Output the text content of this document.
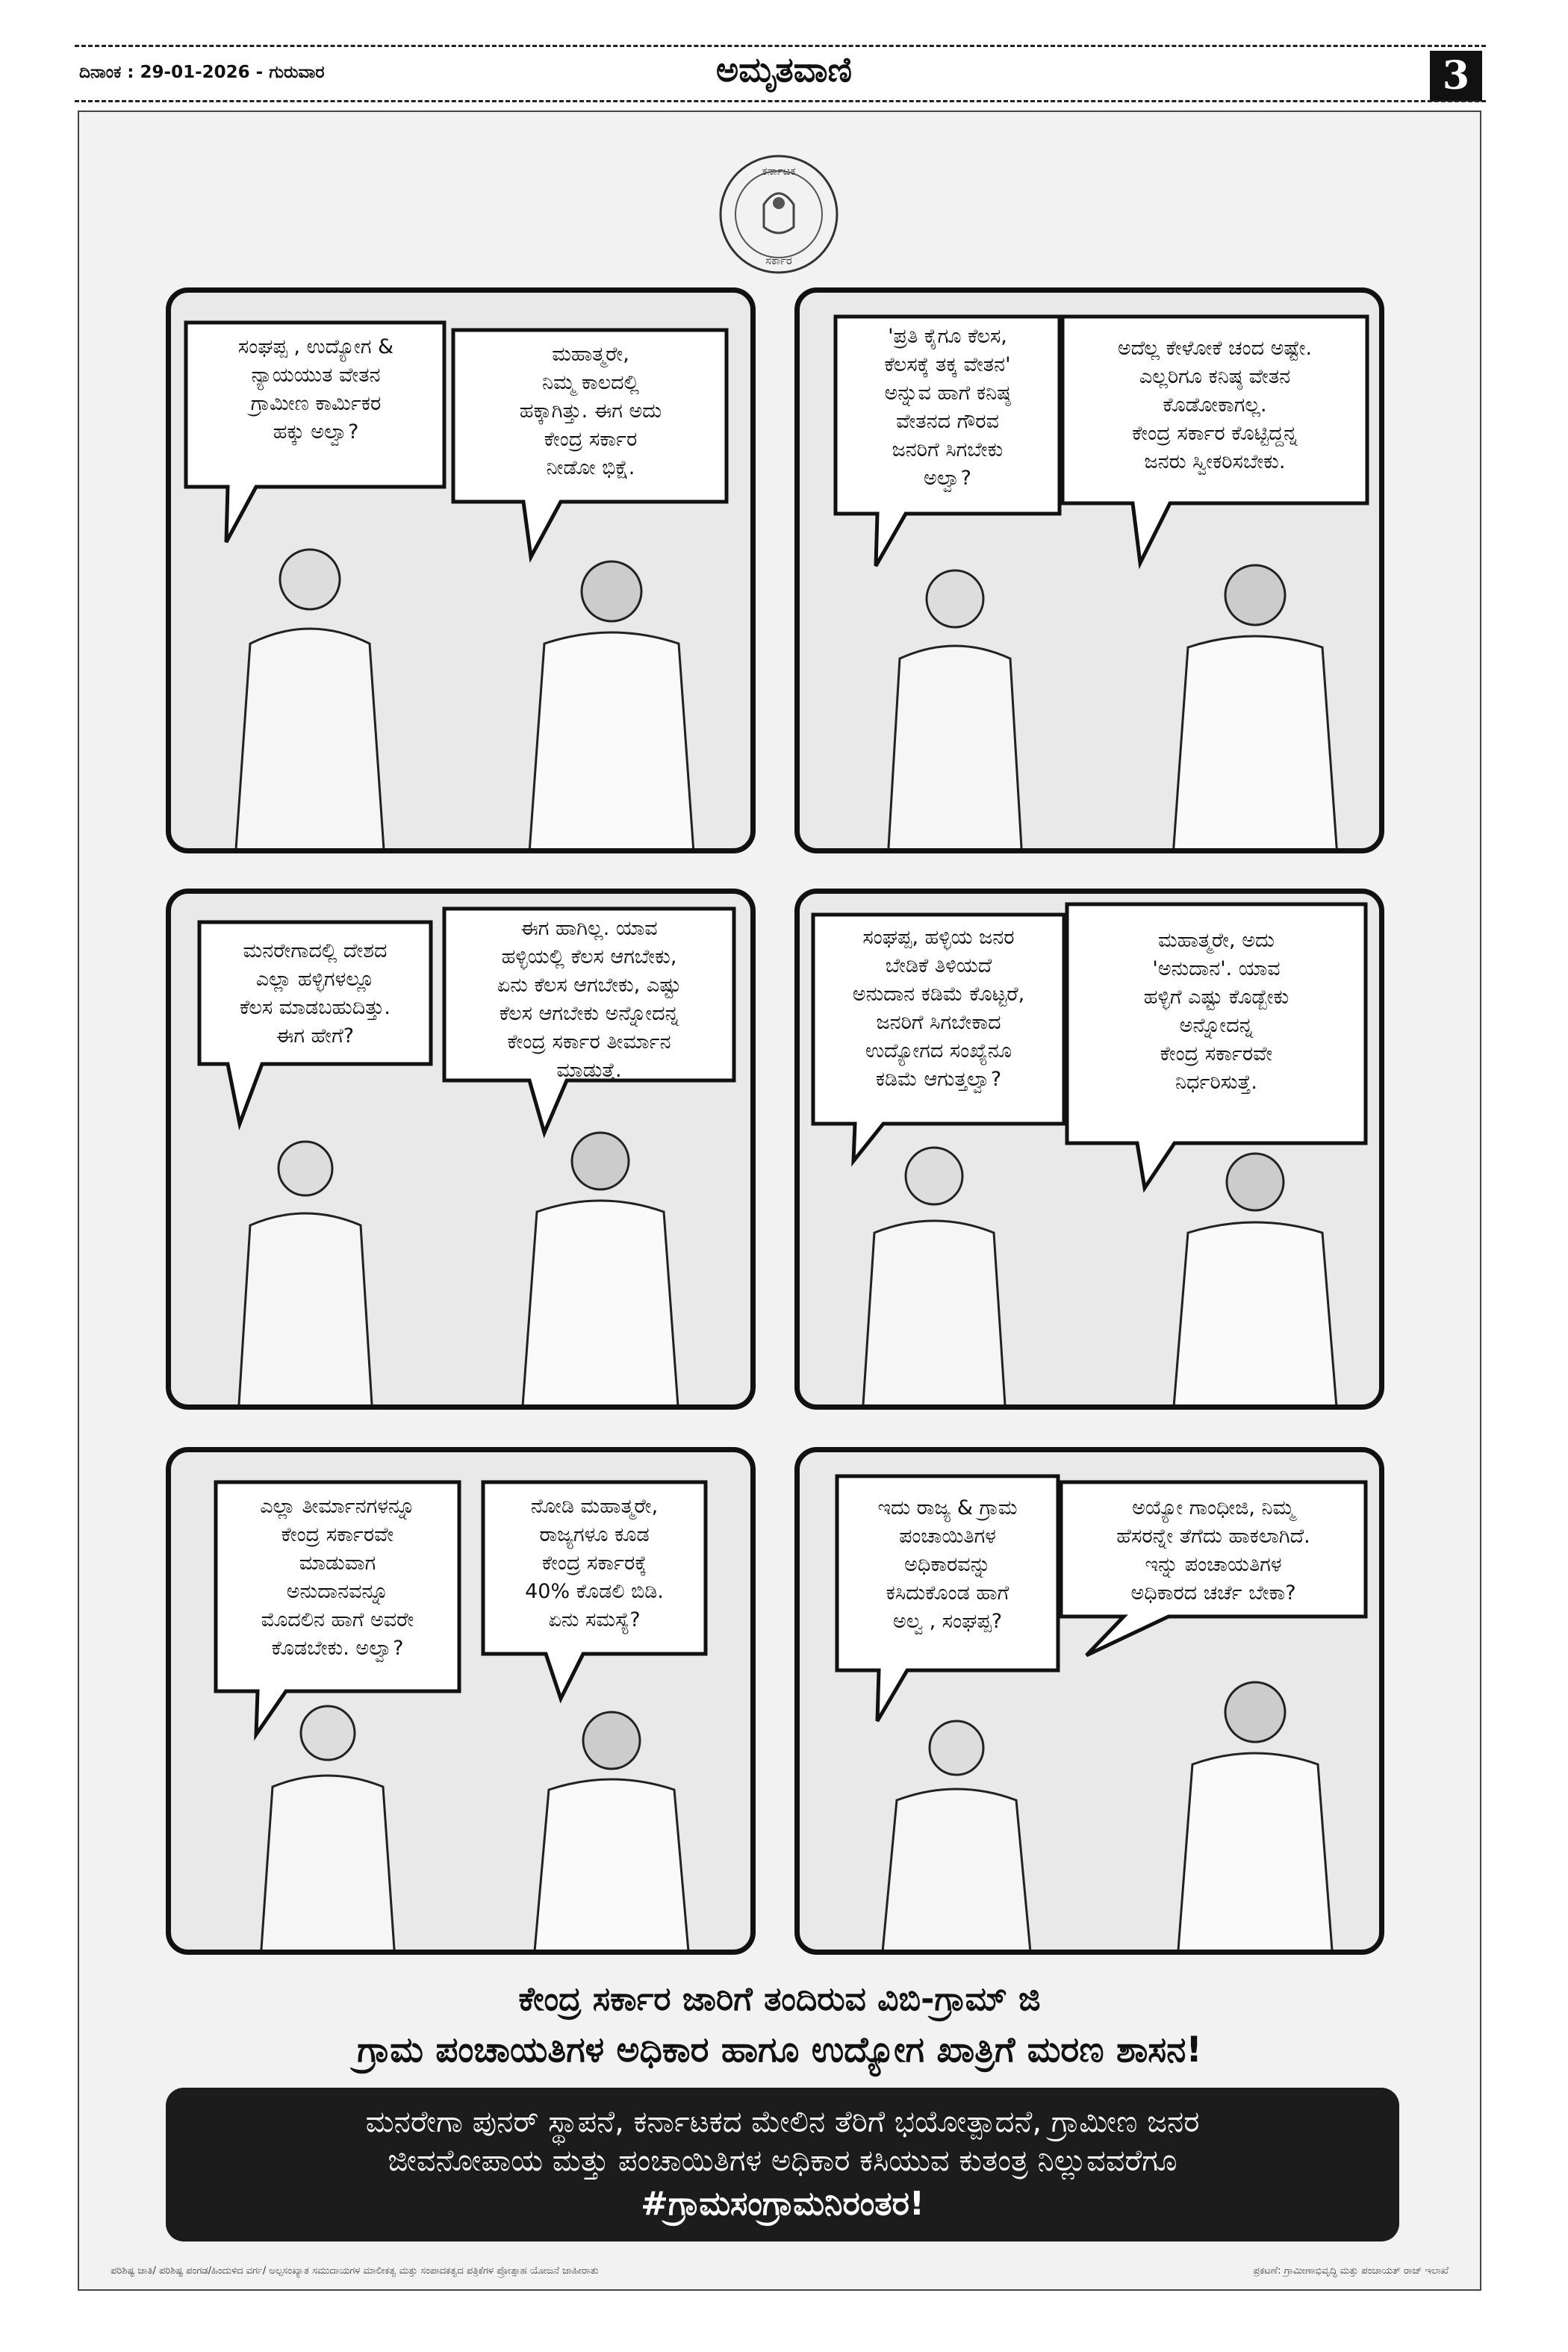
ದಿನಾಂಕ : 29-01-2026 - ಗುರುವಾರ	ಅಮೃತವಾಣಿ	3
ಕರ್ನಾಟಕ
ಸರ್ಕಾರ
ಸಂಘಪ್ಪ , ಉದ್ಯೋಗ &
ನ್ಯಾಯಯುತ ವೇತನ
ಗ್ರಾಮೀಣ ಕಾರ್ಮಿಕರ
ಹಕ್ಕು ಅಲ್ವಾ?
ಮಹಾತ್ಮರೇ,
ನಿಮ್ಮ ಕಾಲದಲ್ಲಿ
ಹಕ್ಕಾಗಿತ್ತು. ಈಗ ಅದು
ಕೇಂದ್ರ ಸರ್ಕಾರ
ನೀಡೋ ಭಿಕ್ಷೆ.
'ಪ್ರತಿ ಕೈಗೂ ಕೆಲಸ,
ಕೆಲಸಕ್ಕೆ ತಕ್ಕ ವೇತನ'
ಅನ್ನುವ ಹಾಗೆ ಕನಿಷ್ಠ
ವೇತನದ ಗೌರವ
ಜನರಿಗೆ ಸಿಗಬೇಕು
ಅಲ್ವಾ?
ಅದೆಲ್ಲ ಕೇಳೋಕೆ ಚಂದ ಅಷ್ಟೇ.
ಎಲ್ಲರಿಗೂ ಕನಿಷ್ಠ ವೇತನ
ಕೊಡೋಕಾಗಲ್ಲ.
ಕೇಂದ್ರ ಸರ್ಕಾರ ಕೊಟ್ಟಿದ್ದನ್ನ
ಜನರು ಸ್ವೀಕರಿಸಬೇಕು.
ಮನರೇಗಾದಲ್ಲಿ ದೇಶದ
ಎಲ್ಲಾ ಹಳ್ಳಿಗಳಲ್ಲೂ
ಕೆಲಸ ಮಾಡಬಹುದಿತ್ತು.
ಈಗ ಹೇಗೆ?
ಈಗ ಹಾಗಿಲ್ಲ. ಯಾವ
ಹಳ್ಳಿಯಲ್ಲಿ ಕೆಲಸ ಆಗಬೇಕು,
ಏನು ಕೆಲಸ ಆಗಬೇಕು, ಎಷ್ಟು
ಕೆಲಸ ಆಗಬೇಕು ಅನ್ನೋದನ್ನ
ಕೇಂದ್ರ ಸರ್ಕಾರ ತೀರ್ಮಾನ
ಮಾಡುತ್ತೆ.
ಸಂಘಪ್ಪ, ಹಳ್ಳಿಯ ಜನರ
ಬೇಡಿಕೆ ತಿಳಿಯದೆ
ಅನುದಾನ ಕಡಿಮೆ ಕೊಟ್ಟರೆ,
ಜನರಿಗೆ ಸಿಗಬೇಕಾದ
ಉದ್ಯೋಗದ ಸಂಖ್ಯೆನೂ
ಕಡಿಮೆ ಆಗುತ್ತಲ್ವಾ?
ಮಹಾತ್ಮರೇ, ಅದು
'ಅನುದಾನ'. ಯಾವ
ಹಳ್ಳಿಗೆ ಎಷ್ಟು ಕೊಡ್ಬೇಕು
ಅನ್ನೋದನ್ನ
ಕೇಂದ್ರ ಸರ್ಕಾರವೇ
ನಿರ್ಧರಿಸುತ್ತೆ.
ಎಲ್ಲಾ ತೀರ್ಮಾನಗಳನ್ನೂ
ಕೇಂದ್ರ ಸರ್ಕಾರವೇ
ಮಾಡುವಾಗ
ಅನುದಾನವನ್ನೂ
ಮೊದಲಿನ ಹಾಗೆ ಅವರೇ
ಕೊಡಬೇಕು. ಅಲ್ವಾ?
ನೋಡಿ ಮಹಾತ್ಮರೇ,
ರಾಜ್ಯಗಳೂ ಕೂಡ
ಕೇಂದ್ರ ಸರ್ಕಾರಕ್ಕೆ
40% ಕೊಡಲಿ ಬಿಡಿ.
ಏನು ಸಮಸ್ಯೆ?
ಇದು ರಾಜ್ಯ & ಗ್ರಾಮ
ಪಂಚಾಯಿತಿಗಳ
ಅಧಿಕಾರವನ್ನು
ಕಸಿದುಕೊಂಡ ಹಾಗೆ
ಅಲ್ವ , ಸಂಘಪ್ಪ?
ಅಯ್ಯೋ ಗಾಂಧೀಜಿ, ನಿಮ್ಮ
ಹೆಸರನ್ನೇ ತೆಗೆದು ಹಾಕಲಾಗಿದೆ.
ಇನ್ನು ಪಂಚಾಯತಿಗಳ
ಅಧಿಕಾರದ ಚರ್ಚೆ ಬೇಕಾ?
ಕೇಂದ್ರ ಸರ್ಕಾರ ಜಾರಿಗೆ ತಂದಿರುವ ವಿಬಿ-ಗ್ರಾಮ್ ಜಿ
ಗ್ರಾಮ ಪಂಚಾಯತಿಗಳ ಅಧಿಕಾರ ಹಾಗೂ ಉದ್ಯೋಗ ಖಾತ್ರಿಗೆ ಮರಣ ಶಾಸನ!
ಮನರೇಗಾ ಪುನರ್ ಸ್ಥಾಪನೆ, ಕರ್ನಾಟಕದ ಮೇಲಿನ ತೆರಿಗೆ ಭಯೋತ್ಪಾದನೆ, ಗ್ರಾಮೀಣ ಜನರ
ಜೀವನೋಪಾಯ ಮತ್ತು ಪಂಚಾಯಿತಿಗಳ ಅಧಿಕಾರ ಕಸಿಯುವ ಕುತಂತ್ರ ನಿಲ್ಲುವವರೆಗೂ
#ಗ್ರಾಮಸಂಗ್ರಾಮನಿರಂತರ!
ಪರಿಶಿಷ್ಟ ಜಾತಿ/ ಪರಿಶಿಷ್ಟ ಪಂಗಡ/ಹಿಂದುಳಿದ ವರ್ಗ/ ಅಲ್ಪಸಂಖ್ಯಾತ ಸಮುದಾಯಗಳ ಮಾಲೀಕತ್ವ ಮತ್ತು ಸಂಪಾದಕತ್ವದ ಪತ್ರಿಕೆಗಳ ಪ್ರೋತ್ಸಾಹ ಯೋಜನೆ ಜಾಹೀರಾತು	ಪ್ರಕಟಣೆ: ಗ್ರಾಮೀಣಾಭಿವೃದ್ಧಿ ಮತ್ತು ಪಂಚಾಯತ್ ರಾಜ್ ಇಲಾಖೆ
